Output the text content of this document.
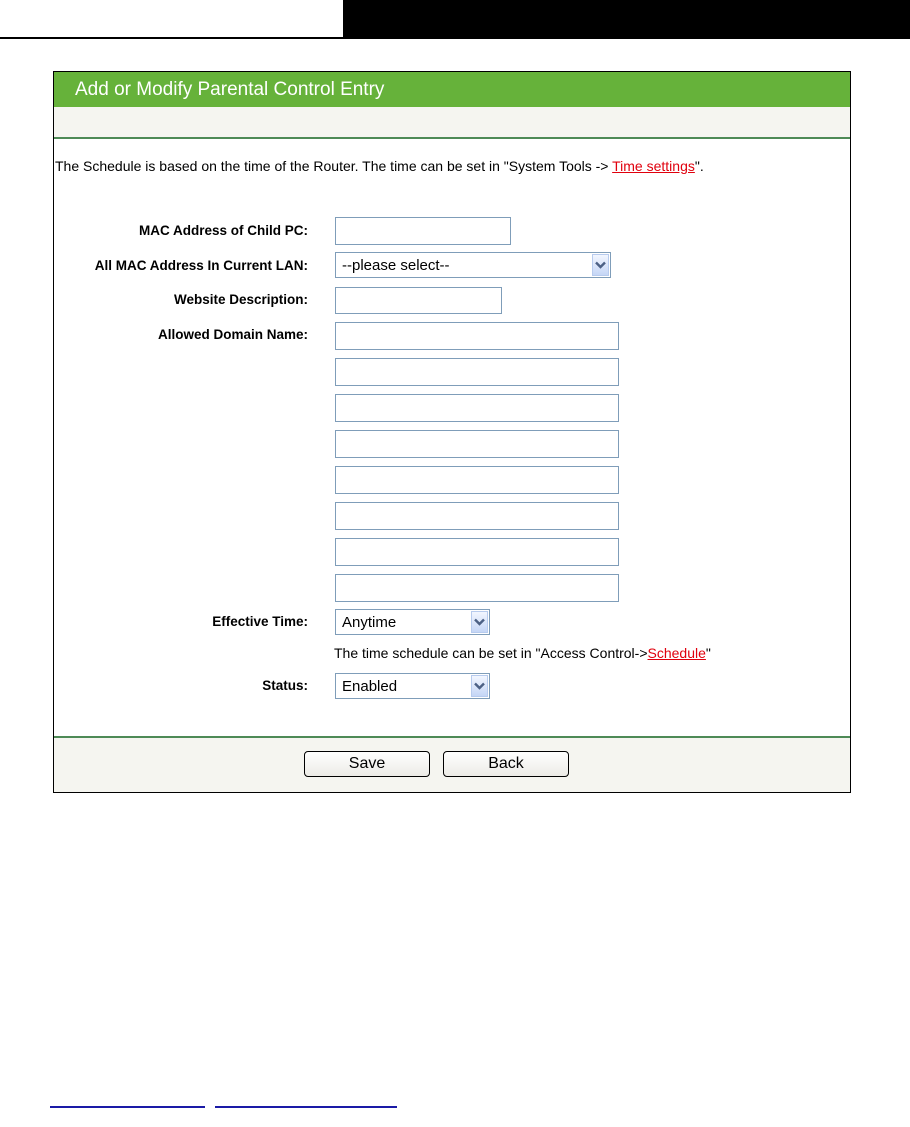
Add or Modify Parental Control Entry
The Schedule is based on the time of the Router. The time can be set in "System Tools -> Time settings".
MAC Address of Child PC:
All MAC Address In Current LAN: --please select--
Website Description:
Allowed Domain Name:
Effective Time: Anytime
The time schedule can be set in "Access Control->Schedule"
Status: Enabled
Save	Back
